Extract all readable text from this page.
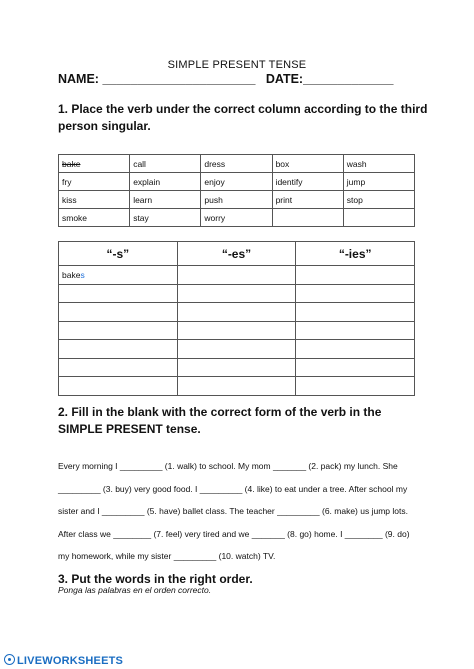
SIMPLE PRESENT TENSE
NAME: ______________________ DATE:_____________
1. Place the verb under the correct column according to the third person singular.
bake	call	dress	box	wash
fry	explain	enjoy	identify	jump
kiss	learn	push	print	stop
smoke	stay	worry		
“-s”	“-es”	“-ies”
bakes		

2. Fill in the blank with the correct form of the verb in the SIMPLE PRESENT tense.
Every morning I _________ (1. walk) to school. My mom _______ (2. pack) my lunch. She _________ (3. buy) very good food. I _________ (4. like) to eat under a tree. After school my sister and I _________ (5. have) ballet class. The teacher _________ (6. make) us jump lots. After class we ________ (7. feel) very tired and we _______ (8. go) home. I ________ (9. do) my homework, while my sister _________ (10. watch) TV.
3. Put the words in the right order.
Ponga las palabras en el orden correcto.
LIVEWORKSHEETS
